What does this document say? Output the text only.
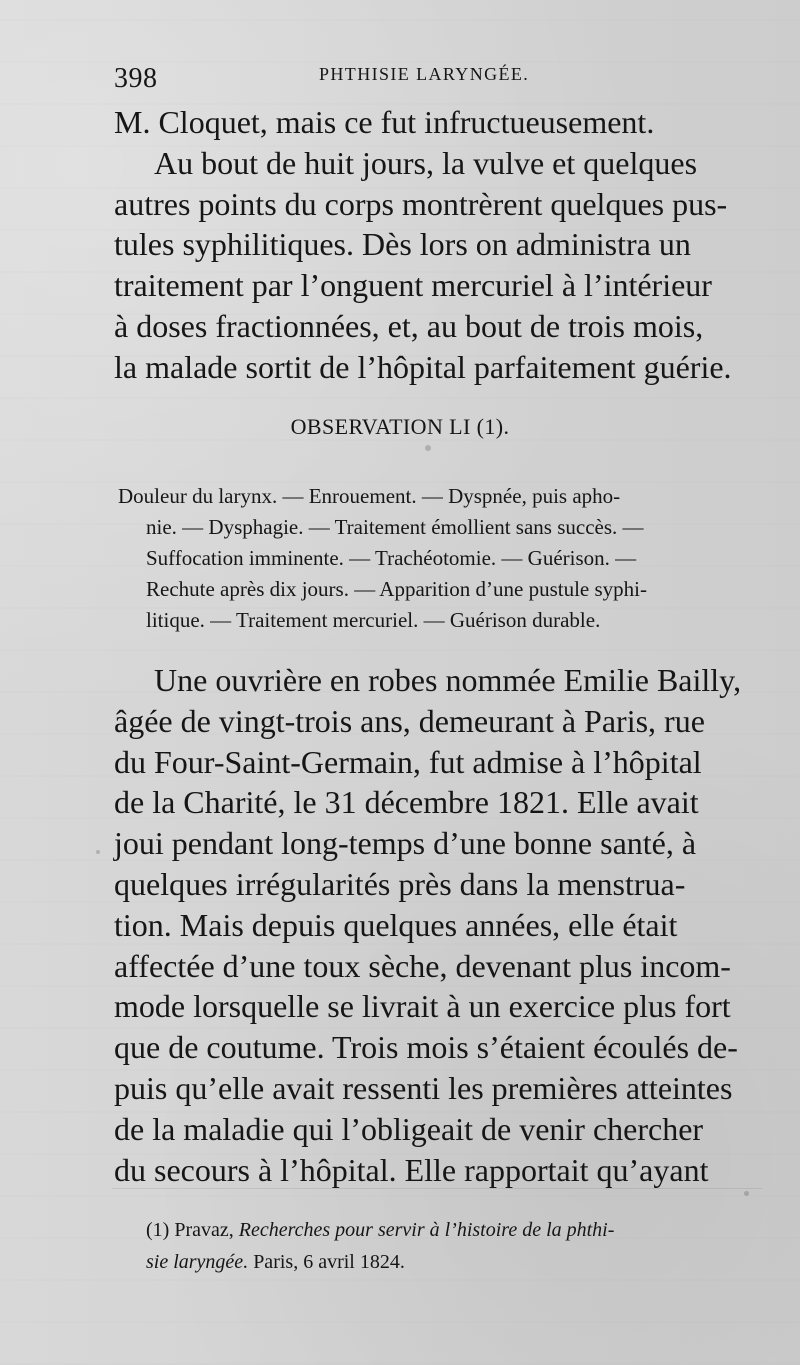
398	PHTHISIE LARYNGÉE.
M. Cloquet, mais ce fut infructueusement.
Au bout de huit jours, la vulve et quelques
autres points du corps montrèrent quelques pus-
tules syphilitiques. Dès lors on administra un
traitement par l’onguent mercuriel à l’intérieur
à doses fractionnées, et, au bout de trois mois,
la malade sortit de l’hôpital parfaitement guérie.
OBSERVATION LI (1).
Douleur du larynx. — Enrouement. — Dyspnée, puis apho-
nie. — Dysphagie. — Traitement émollient sans succès. —
Suffocation imminente. — Trachéotomie. — Guérison. —
Rechute après dix jours. — Apparition d’une pustule syphi-
litique. — Traitement mercuriel. — Guérison durable.
Une ouvrière en robes nommée Emilie Bailly,
âgée de vingt-trois ans, demeurant à Paris, rue
du Four-Saint-Germain, fut admise à l’hôpital
de la Charité, le 31 décembre 1821. Elle avait
joui pendant long-temps d’une bonne santé, à
quelques irrégularités près dans la menstrua-
tion. Mais depuis quelques années, elle était
affectée d’une toux sèche, devenant plus incom-
mode lorsquelle se livrait à un exercice plus fort
que de coutume. Trois mois s’étaient écoulés de-
puis qu’elle avait ressenti les premières atteintes
de la maladie qui l’obligeait de venir chercher
du secours à l’hôpital. Elle rapportait qu’ayant
(1) Pravaz, Recherches pour servir à l’histoire de la phthi-
sie laryngée. Paris, 6 avril 1824.
